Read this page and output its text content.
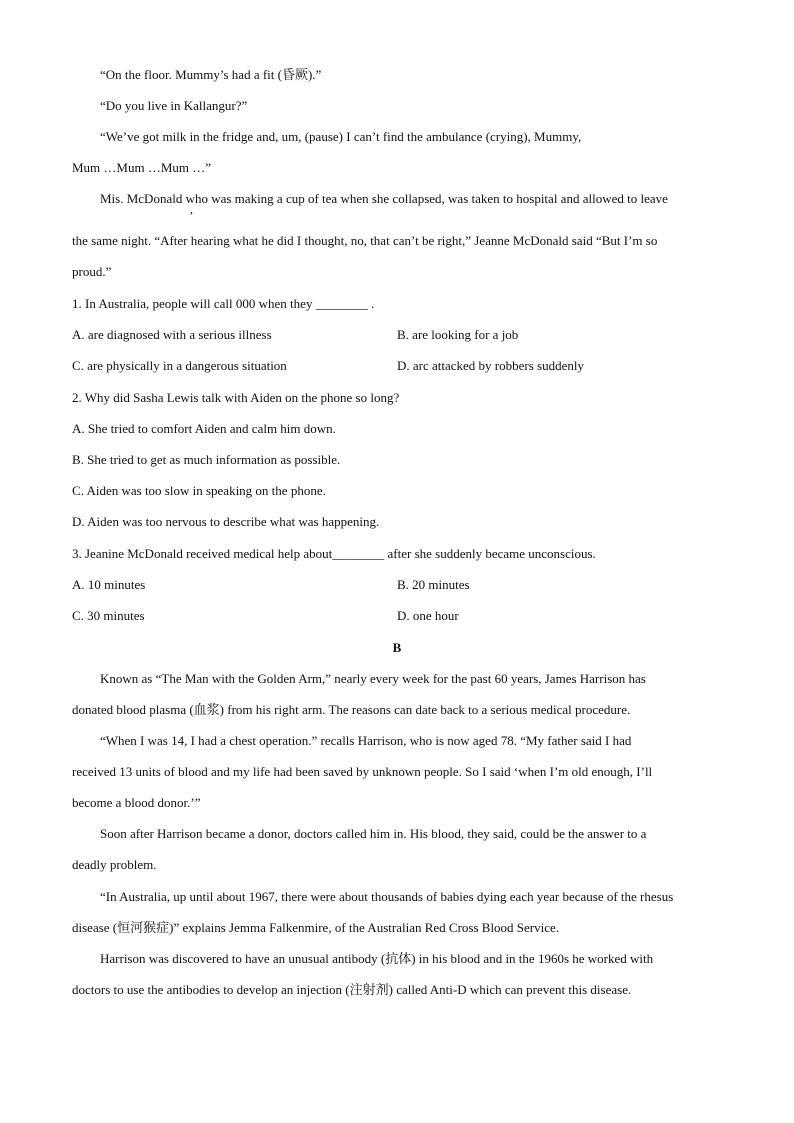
“On the floor. Mummy’s had a fit (昏厥).”
“Do you live in Kallangur?”
“We’ve got milk in the fridge and, um, (pause) I can’t find the ambulance (crying), Mummy,
Mum …Mum …Mum …”
Mis. McDonald who was making a cup of tea when she collapsed, was taken to hospital and allowed to leave
,
the same night. “After hearing what he did I thought, no, that can’t be right,” Jeanne McDonald said “But I’m so
proud.”
1. In Australia, people will call 000 when they ________ .
A. are diagnosed with a serious illness	B. are looking for a job
C. are physically in a dangerous situation	D. arc attacked by robbers suddenly
2. Why did Sasha Lewis talk with Aiden on the phone so long?
A. She tried to comfort Aiden and calm him down.
B. She tried to get as much information as possible.
C. Aiden was too slow in speaking on the phone.
D. Aiden was too nervous to describe what was happening.
3. Jeanine McDonald received medical help about________ after she suddenly became unconscious.
A. 10 minutes	B. 20 minutes
C. 30 minutes	D. one hour
B
Known as “The Man with the Golden Arm,” nearly every week for the past 60 years, James Harrison has
donated blood plasma (血浆) from his right arm. The reasons can date back to a serious medical procedure.
“When I was 14, I had a chest operation.” recalls Harrison, who is now aged 78. “My father said I had
received 13 units of blood and my life had been saved by unknown people. So I said ‘when I’m old enough, I’ll
become a blood donor.’”
Soon after Harrison became a donor, doctors called him in. His blood, they said, could be the answer to a
deadly problem.
“In Australia, up until about 1967, there were about thousands of babies dying each year because of the rhesus
disease (恒河猴症)” explains Jemma Falkenmire, of the Australian Red Cross Blood Service.
Harrison was discovered to have an unusual antibody (抗体) in his blood and in the 1960s he worked with
doctors to use the antibodies to develop an injection (注射剂) called Anti-D which can prevent this disease.
